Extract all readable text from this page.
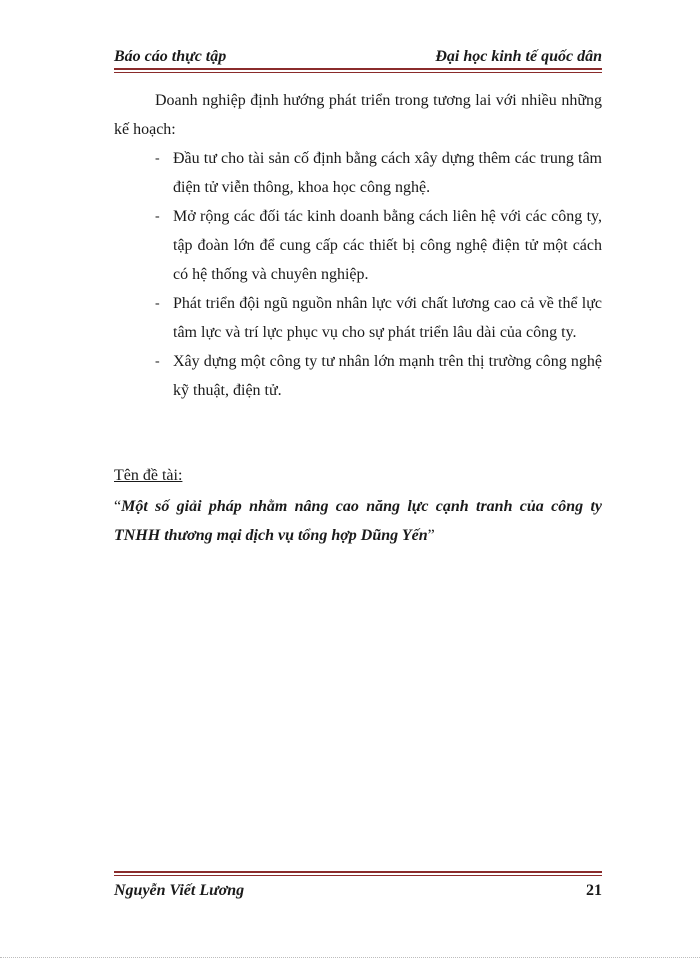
Báo cáo thực tập	Đại học kinh tế quốc dân

Doanh nghiệp định hướng phát triển trong tương lai với nhiều những kế hoạch:

- Đầu tư cho tài sản cố định bằng cách xây dựng thêm các trung tâm điện tử viễn thông, khoa học công nghệ.
- Mở rộng các đối tác kinh doanh bằng cách liên hệ với các công ty, tập đoàn lớn để cung cấp các thiết bị công nghệ điện tử một cách có hệ thống và chuyên nghiệp.
- Phát triển đội ngũ nguồn nhân lực với chất lương cao cả về thể lực tâm lực và trí lực phục vụ cho sự phát triển lâu dài của công ty.
- Xây dựng một công ty tư nhân lớn mạnh trên thị trường công nghệ kỹ thuật, điện tử.
Tên đề tài:

“Một số giải pháp nhằm nâng cao năng lực cạnh tranh của công ty TNHH thương mại dịch vụ tổng hợp Dũng Yến”

Nguyễn Viết Lương	21
